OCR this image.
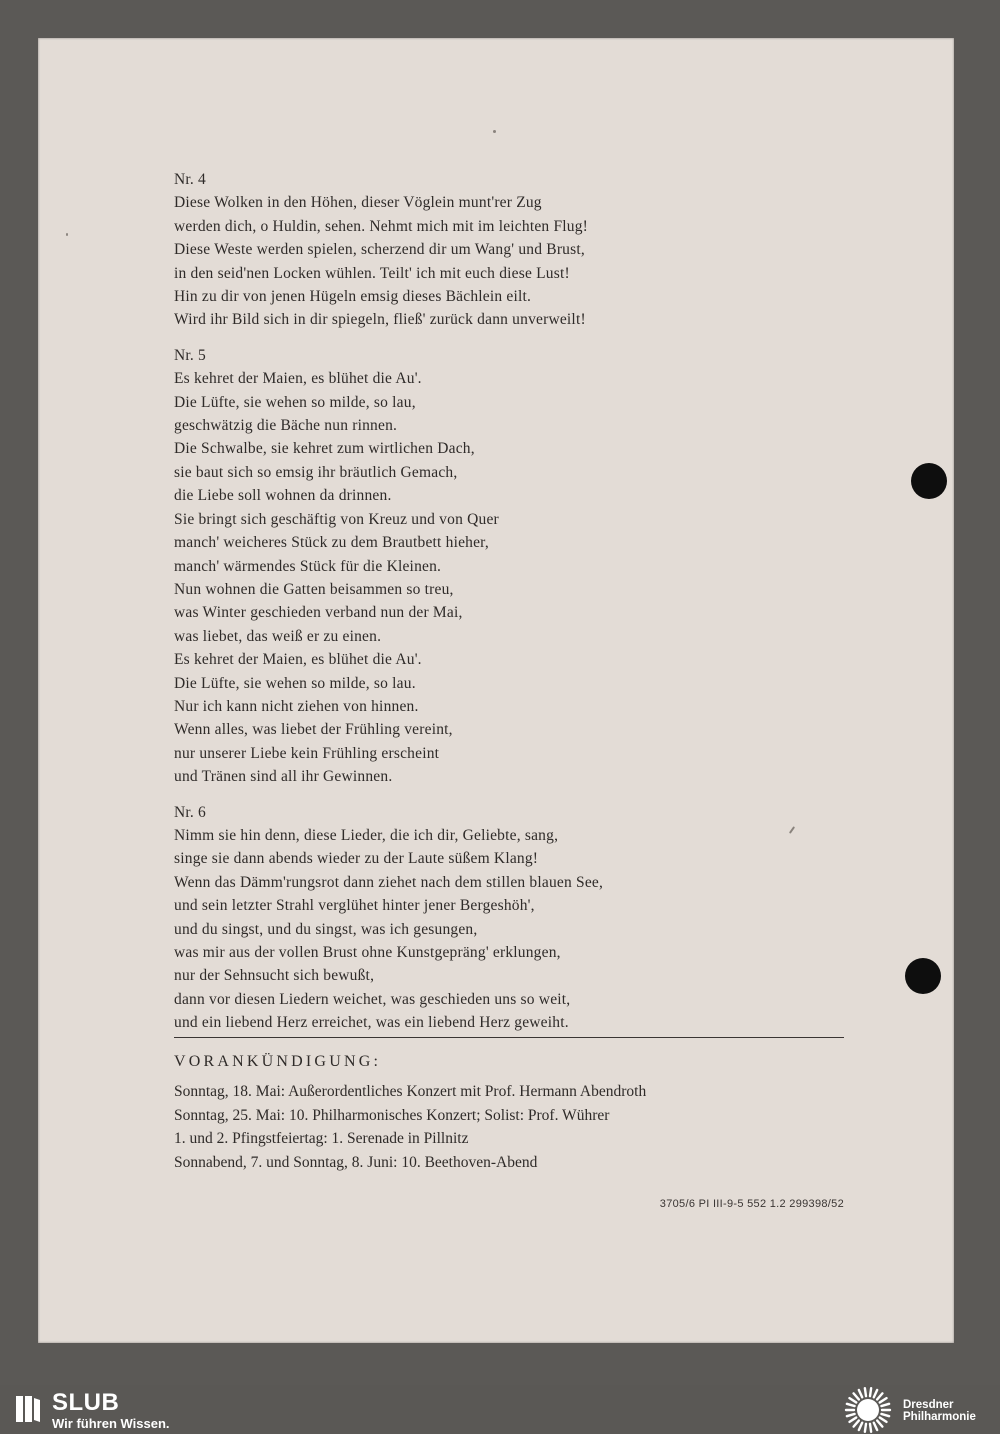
Nr. 4

Diese Wolken in den Höhen, dieser Vöglein munt'rer Zug
werden dich, o Huldin, sehen. Nehmt mich mit im leichten Flug!
Diese Weste werden spielen, scherzend dir um Wang' und Brust,
in den seid'nen Locken wühlen. Teilt' ich mit euch diese Lust!
Hin zu dir von jenen Hügeln emsig dieses Bächlein eilt.
Wird ihr Bild sich in dir spiegeln, fließ' zurück dann unverweilt!

Nr. 5

Es kehret der Maien, es blühet die Au'.
Die Lüfte, sie wehen so milde, so lau,
geschwätzig die Bäche nun rinnen.
Die Schwalbe, sie kehret zum wirtlichen Dach,
sie baut sich so emsig ihr bräutlich Gemach,
die Liebe soll wohnen da drinnen.
Sie bringt sich geschäftig von Kreuz und von Quer
manch' weicheres Stück zu dem Brautbett hieher,
manch' wärmendes Stück für die Kleinen.
Nun wohnen die Gatten beisammen so treu,
was Winter geschieden verband nun der Mai,
was liebet, das weiß er zu einen.
Es kehret der Maien, es blühet die Au'.
Die Lüfte, sie wehen so milde, so lau.
Nur ich kann nicht ziehen von hinnen.
Wenn alles, was liebet der Frühling vereint,
nur unserer Liebe kein Frühling erscheint
und Tränen sind all ihr Gewinnen.

Nr. 6

Nimm sie hin denn, diese Lieder, die ich dir, Geliebte, sang,
singe sie dann abends wieder zu der Laute süßem Klang!
Wenn das Dämm'rungsrot dann ziehet nach dem stillen blauen See,
und sein letzter Strahl verglühet hinter jener Bergeshöh',
und du singst, und du singst, was ich gesungen,
was mir aus der vollen Brust ohne Kunstgepräng' erklungen,
nur der Sehnsucht sich bewußt,
dann vor diesen Liedern weichet, was geschieden uns so weit,
und ein liebend Herz erreichet, was ein liebend Herz geweiht.
VORANKÜNDIGUNG:
Sonntag, 18. Mai: Außerordentliches Konzert mit Prof. Hermann Abendroth
Sonntag, 25. Mai: 10. Philharmonisches Konzert; Solist: Prof. Wührer
1. und 2. Pfingstfeiertag: 1. Serenade in Pillnitz
Sonnabend, 7. und Sonntag, 8. Juni: 10. Beethoven-Abend
3705/6 PI III-9-5 552 1.2 299398/52
SLUB
Wir führen Wissen.
Dresdner
Philharmonie
